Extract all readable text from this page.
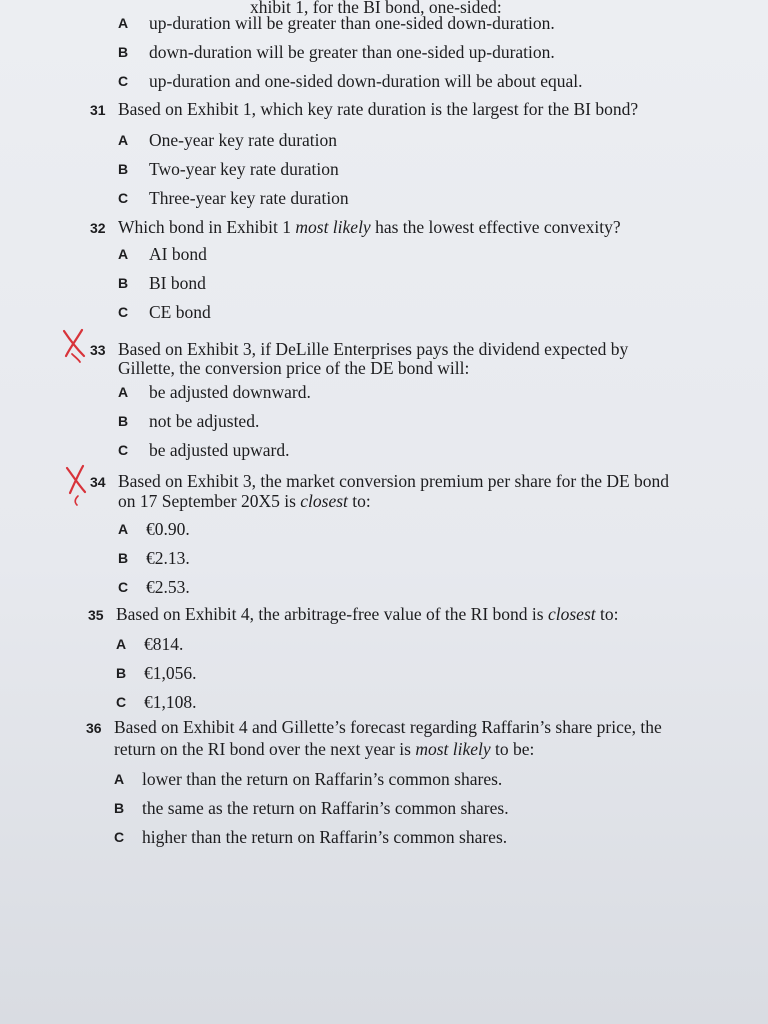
xhibit 1, for the BI bond, one-sided:
A up-duration will be greater than one-sided down-duration.
B down-duration will be greater than one-sided up-duration.
C up-duration and one-sided down-duration will be about equal.
31 Based on Exhibit 1, which key rate duration is the largest for the BI bond?
A One-year key rate duration
B Two-year key rate duration
C Three-year key rate duration
32 Which bond in Exhibit 1 most likely has the lowest effective convexity?
A AI bond
B BI bond
C CE bond
33 Based on Exhibit 3, if DeLille Enterprises pays the dividend expected by
Gillette, the conversion price of the DE bond will:
A be adjusted downward.
B not be adjusted.
C be adjusted upward.
34 Based on Exhibit 3, the market conversion premium per share for the DE bond
on 17 September 20X5 is closest to:
A €0.90.
B €2.13.
C €2.53.
35 Based on Exhibit 4, the arbitrage-free value of the RI bond is closest to:
A €814.
B €1,056.
C €1,108.
36 Based on Exhibit 4 and Gillette’s forecast regarding Raffarin’s share price, the
return on the RI bond over the next year is most likely to be:
A lower than the return on Raffarin’s common shares.
B the same as the return on Raffarin’s common shares.
C higher than the return on Raffarin’s common shares.
